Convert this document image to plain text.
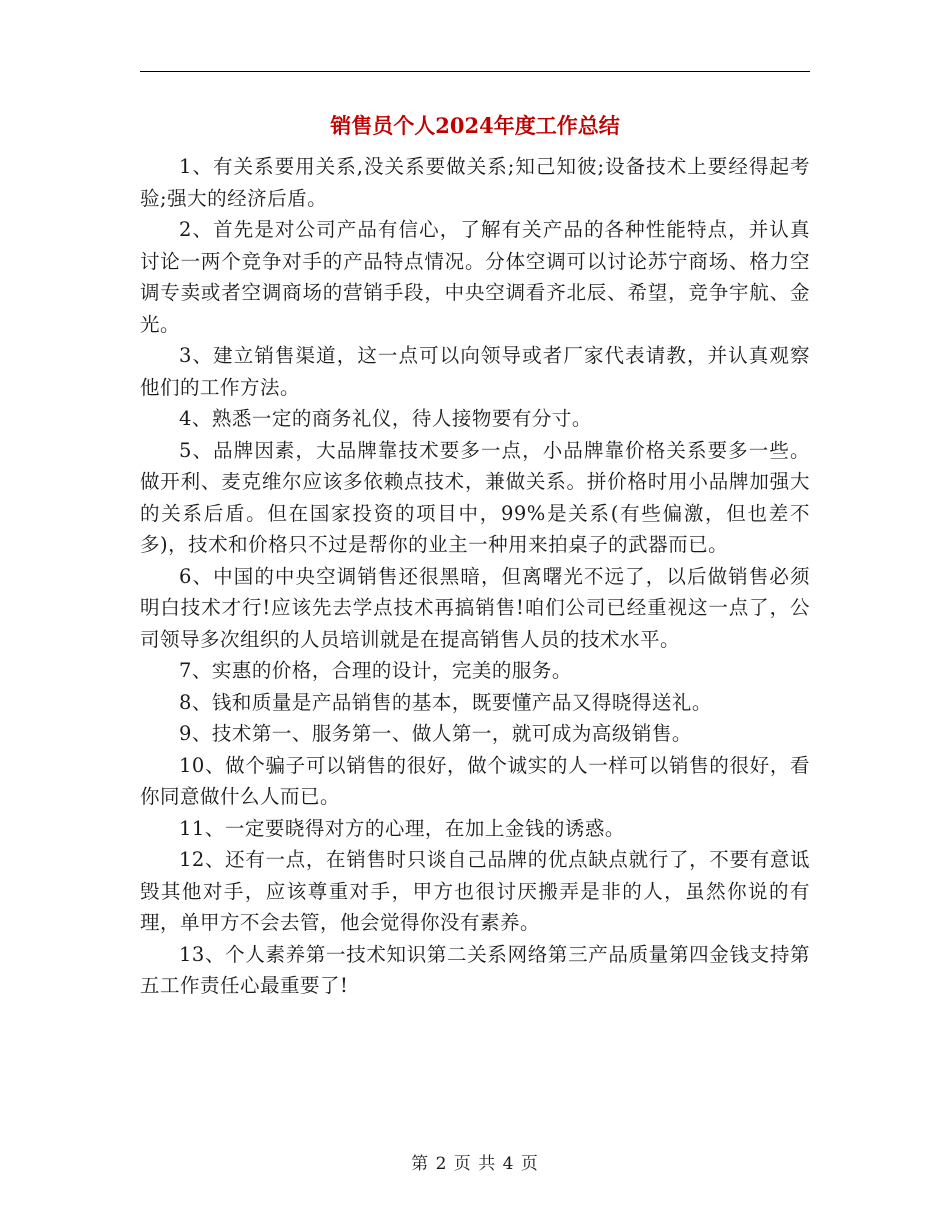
销售员个人2024年度工作总结

1、有关系要用关系,没关系要做关系;知己知彼;设备技术上要经得起考验;强大的经济后盾。

2、首先是对公司产品有信心，了解有关产品的各种性能特点，并认真讨论一两个竞争对手的产品特点情况。分体空调可以讨论苏宁商场、格力空调专卖或者空调商场的营销手段，中央空调看齐北辰、希望，竞争宇航、金光。

3、建立销售渠道，这一点可以向领导或者厂家代表请教，并认真观察他们的工作方法。

4、熟悉一定的商务礼仪，待人接物要有分寸。

5、品牌因素，大品牌靠技术要多一点，小品牌靠价格关系要多一些。做开利、麦克维尔应该多依赖点技术，兼做关系。拼价格时用小品牌加强大的关系后盾。但在国家投资的项目中，99%是关系(有些偏激，但也差不多)，技术和价格只不过是帮你的业主一种用来拍桌子的武器而已。

6、中国的中央空调销售还很黑暗，但离曙光不远了，以后做销售必须明白技术才行!应该先去学点技术再搞销售!咱们公司已经重视这一点了，公司领导多次组织的人员培训就是在提高销售人员的技术水平。

7、实惠的价格，合理的设计，完美的服务。

8、钱和质量是产品销售的基本，既要懂产品又得晓得送礼。

9、技术第一、服务第一、做人第一，就可成为高级销售。

10、做个骗子可以销售的很好，做个诚实的人一样可以销售的很好，看你同意做什么人而已。

11、一定要晓得对方的心理，在加上金钱的诱惑。

12、还有一点，在销售时只谈自己品牌的优点缺点就行了，不要有意诋毁其他对手，应该尊重对手，甲方也很讨厌搬弄是非的人，虽然你说的有理，单甲方不会去管，他会觉得你没有素养。

13、个人素养第一技术知识第二关系网络第三产品质量第四金钱支持第五工作责任心最重要了!

第 2 页 共 4 页
